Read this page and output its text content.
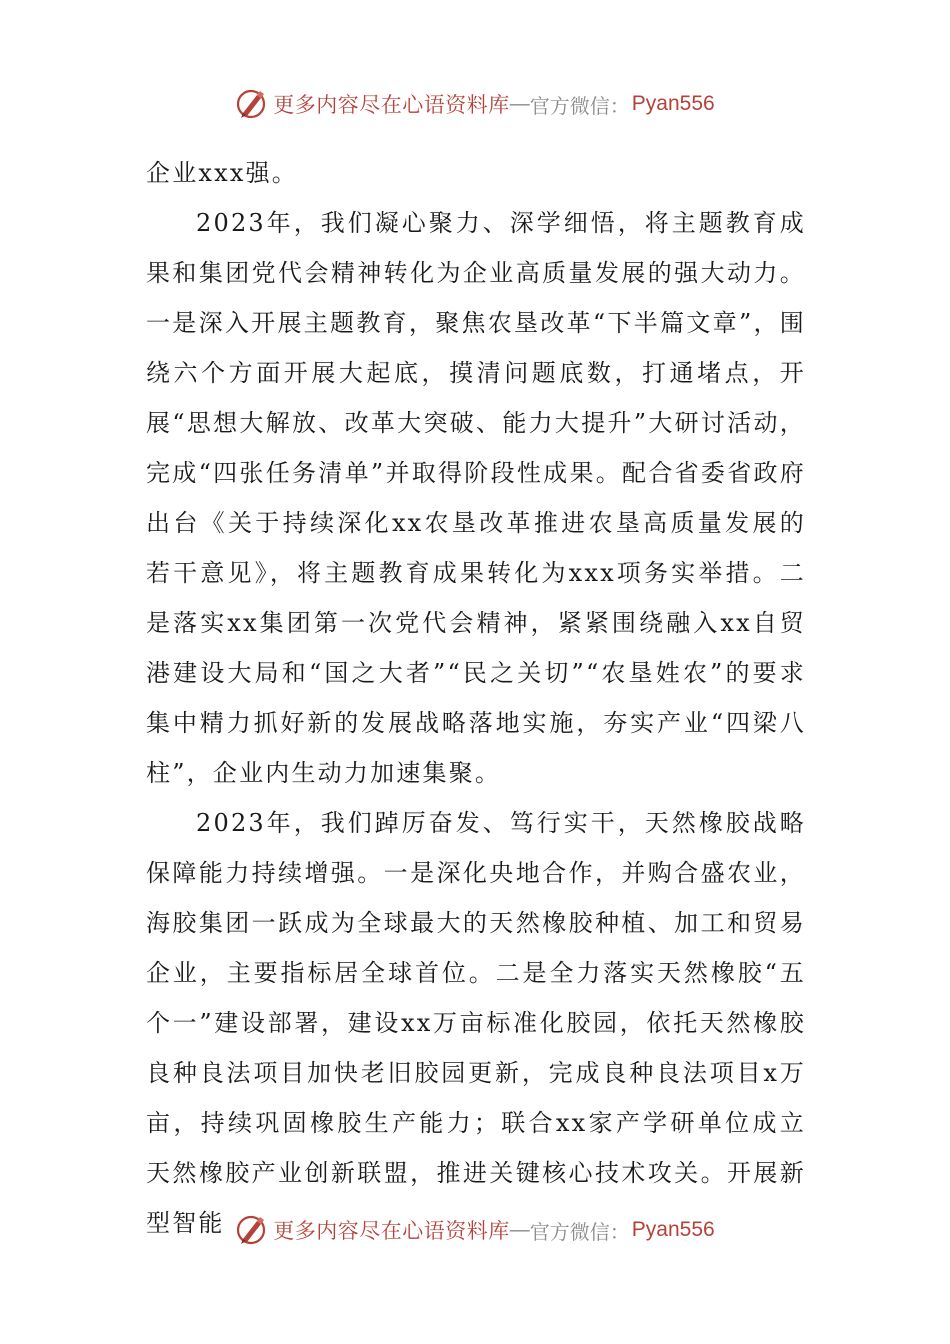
更多内容尽在心语资料库 — 官方微信： Pyan556

企业xxx强。

2023年，我们凝心聚力、深学细悟，将主题教育成果和集团党代会精神转化为企业高质量发展的强大动力。一是深入开展主题教育，聚焦农垦改革“下半篇文章”，围绕六个方面开展大起底，摸清问题底数，打通堵点，开展“思想大解放、改革大突破、能力大提升”大研讨活动，完成“四张任务清单”并取得阶段性成果。配合省委省政府出台《关于持续深化xx农垦改革推进农垦高质量发展的若干意见》，将主题教育成果转化为xxx项务实举措。二是落实xx集团第一次党代会精神，紧紧围绕融入xx自贸港建设大局和“国之大者”“民之关切”“农垦姓农”的要求集中精力抓好新的发展战略落地实施，夯实产业“四梁八柱”，企业内生动力加速集聚。

2023年，我们踔厉奋发、笃行实干，天然橡胶战略保障能力持续增强。一是深化央地合作，并购合盛农业，海胶集团一跃成为全球最大的天然橡胶种植、加工和贸易企业，主要指标居全球首位。二是全力落实天然橡胶“五个一”建设部署，建设xx万亩标准化胶园，依托天然橡胶良种良法项目加快老旧胶园更新，完成良种良法项目x万亩，持续巩固橡胶生产能力；联合xx家产学研单位成立天然橡胶产业创新联盟，推进关键核心技术攻关。开展新型智能	更多内容尽在心语资料库 — 官方微信： Pyan556
